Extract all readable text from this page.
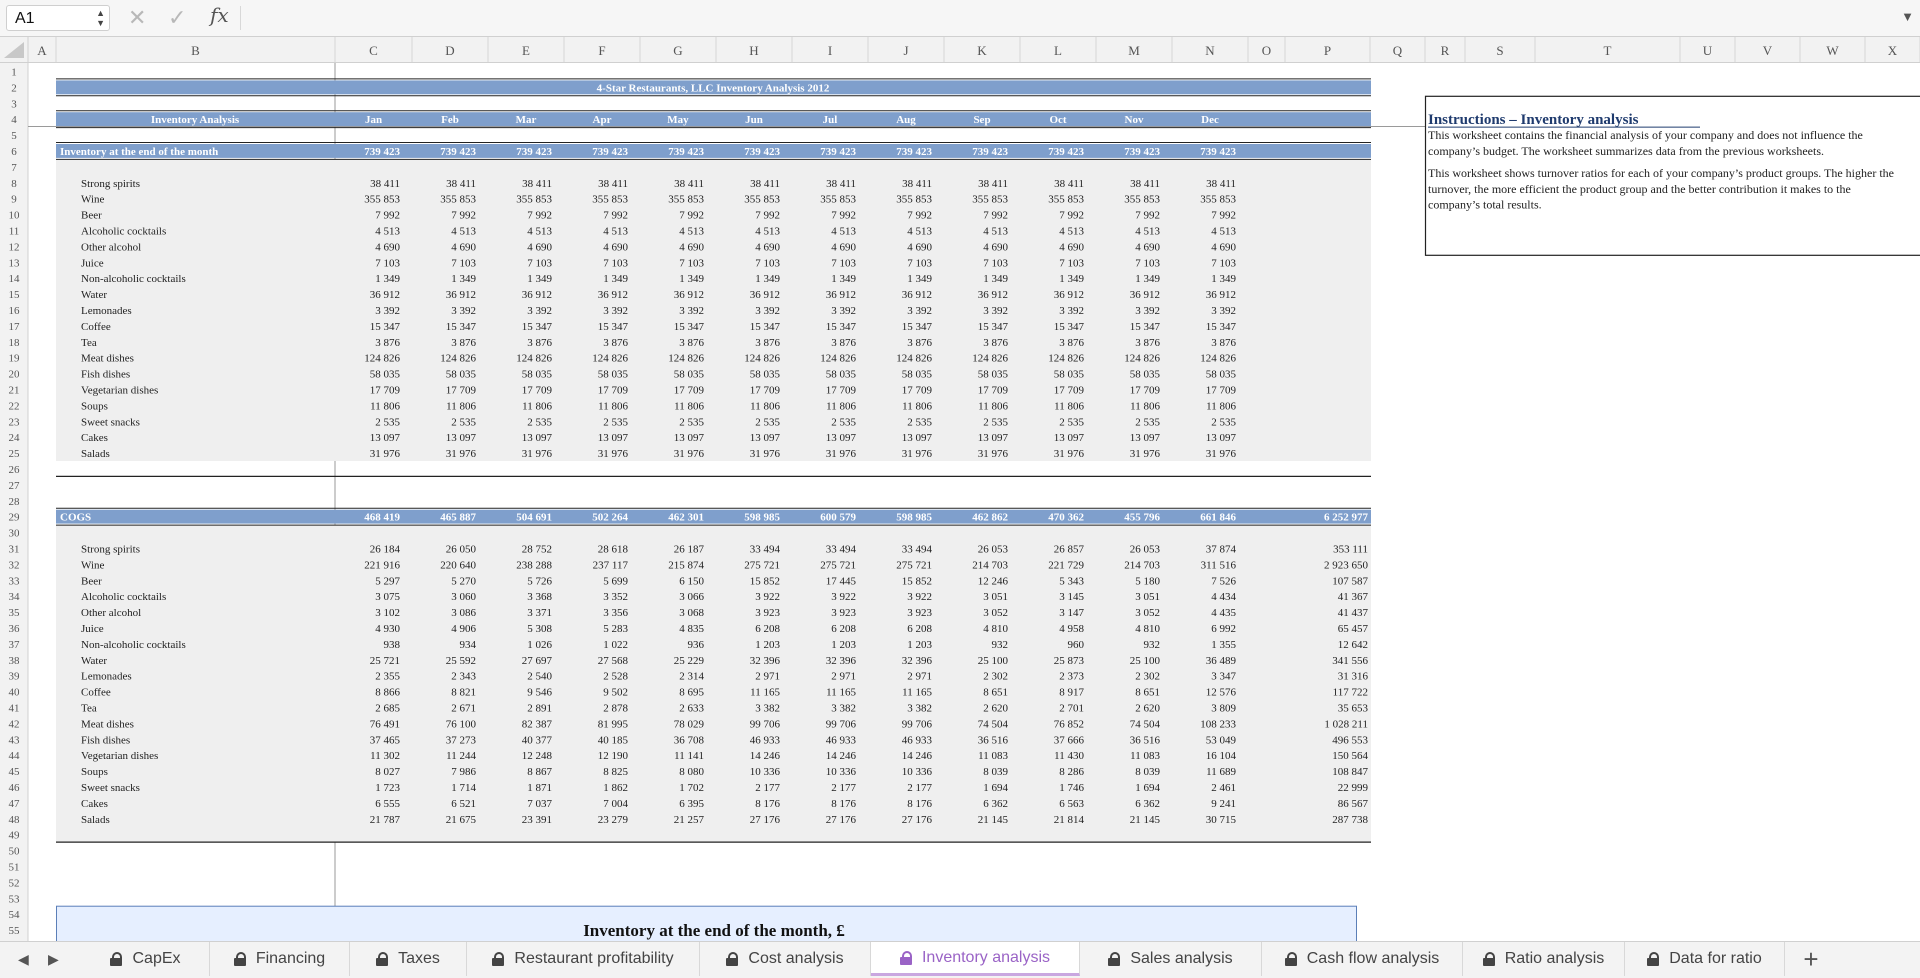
A1	▲
▼ ✕ ✓ fx	▼
A	B	C	D	E	F	G	H	I	J	K	L	M	N	O	P	Q	R	S	T	U	V	W	X
1
2
3
4
5
6
7
8
9
10
11
12
13
14
15
16
17
18
19
20
21
22
23
24
25
26
27
28
29
30
31
32
33
34
35
36
37
38
39
40
41
42
43
44
45
46
47
48
49
50
51
52
53
54
55
4-Star Restaurants, LLC Inventory Analysis 2012
Inventory Analysis	Jan	Feb	Mar	Apr	May	Jun	Jul	Aug	Sep	Oct	Nov	Dec
Inventory at the end of the month	739 423	739 423	739 423	739 423	739 423	739 423	739 423	739 423	739 423	739 423	739 423	739 423
Strong spirits	38 411	38 411	38 411	38 411	38 411	38 411	38 411	38 411	38 411	38 411	38 411	38 411
Wine	355 853	355 853	355 853	355 853	355 853	355 853	355 853	355 853	355 853	355 853	355 853	355 853
Beer	7 992	7 992	7 992	7 992	7 992	7 992	7 992	7 992	7 992	7 992	7 992	7 992
Alcoholic cocktails	4 513	4 513	4 513	4 513	4 513	4 513	4 513	4 513	4 513	4 513	4 513	4 513
Other alcohol	4 690	4 690	4 690	4 690	4 690	4 690	4 690	4 690	4 690	4 690	4 690	4 690
Juice	7 103	7 103	7 103	7 103	7 103	7 103	7 103	7 103	7 103	7 103	7 103	7 103
Non-alcoholic cocktails	1 349	1 349	1 349	1 349	1 349	1 349	1 349	1 349	1 349	1 349	1 349	1 349
Water	36 912	36 912	36 912	36 912	36 912	36 912	36 912	36 912	36 912	36 912	36 912	36 912
Lemonades	3 392	3 392	3 392	3 392	3 392	3 392	3 392	3 392	3 392	3 392	3 392	3 392
Coffee	15 347	15 347	15 347	15 347	15 347	15 347	15 347	15 347	15 347	15 347	15 347	15 347
Tea	3 876	3 876	3 876	3 876	3 876	3 876	3 876	3 876	3 876	3 876	3 876	3 876
Meat dishes	124 826	124 826	124 826	124 826	124 826	124 826	124 826	124 826	124 826	124 826	124 826	124 826
Fish dishes	58 035	58 035	58 035	58 035	58 035	58 035	58 035	58 035	58 035	58 035	58 035	58 035
Vegetarian dishes	17 709	17 709	17 709	17 709	17 709	17 709	17 709	17 709	17 709	17 709	17 709	17 709
Soups	11 806	11 806	11 806	11 806	11 806	11 806	11 806	11 806	11 806	11 806	11 806	11 806
Sweet snacks	2 535	2 535	2 535	2 535	2 535	2 535	2 535	2 535	2 535	2 535	2 535	2 535
Cakes	13 097	13 097	13 097	13 097	13 097	13 097	13 097	13 097	13 097	13 097	13 097	13 097
Salads	31 976	31 976	31 976	31 976	31 976	31 976	31 976	31 976	31 976	31 976	31 976	31 976
COGS	468 419	465 887	504 691	502 264	462 301	598 985	600 579	598 985	462 862	470 362	455 796	661 846	6 252 977
Strong spirits	26 184	26 050	28 752	28 618	26 187	33 494	33 494	33 494	26 053	26 857	26 053	37 874	353 111
Wine	221 916	220 640	238 288	237 117	215 874	275 721	275 721	275 721	214 703	221 729	214 703	311 516	2 923 650
Beer	5 297	5 270	5 726	5 699	6 150	15 852	17 445	15 852	12 246	5 343	5 180	7 526	107 587
Alcoholic cocktails	3 075	3 060	3 368	3 352	3 066	3 922	3 922	3 922	3 051	3 145	3 051	4 434	41 367
Other alcohol	3 102	3 086	3 371	3 356	3 068	3 923	3 923	3 923	3 052	3 147	3 052	4 435	41 437
Juice	4 930	4 906	5 308	5 283	4 835	6 208	6 208	6 208	4 810	4 958	4 810	6 992	65 457
Non-alcoholic cocktails	938	934	1 026	1 022	936	1 203	1 203	1 203	932	960	932	1 355	12 642
Water	25 721	25 592	27 697	27 568	25 229	32 396	32 396	32 396	25 100	25 873	25 100	36 489	341 556
Lemonades	2 355	2 343	2 540	2 528	2 314	2 971	2 971	2 971	2 302	2 373	2 302	3 347	31 316
Coffee	8 866	8 821	9 546	9 502	8 695	11 165	11 165	11 165	8 651	8 917	8 651	12 576	117 722
Tea	2 685	2 671	2 891	2 878	2 633	3 382	3 382	3 382	2 620	2 701	2 620	3 809	35 653
Meat dishes	76 491	76 100	82 387	81 995	78 029	99 706	99 706	99 706	74 504	76 852	74 504	108 233	1 028 211
Fish dishes	37 465	37 273	40 377	40 185	36 708	46 933	46 933	46 933	36 516	37 666	36 516	53 049	496 553
Vegetarian dishes	11 302	11 244	12 248	12 190	11 141	14 246	14 246	14 246	11 083	11 430	11 083	16 104	150 564
Soups	8 027	7 986	8 867	8 825	8 080	10 336	10 336	10 336	8 039	8 286	8 039	11 689	108 847
Sweet snacks	1 723	1 714	1 871	1 862	1 702	2 177	2 177	2 177	1 694	1 746	1 694	2 461	22 999
Cakes	6 555	6 521	7 037	7 004	6 395	8 176	8 176	8 176	6 362	6 563	6 362	9 241	86 567
Salads	21 787	21 675	23 391	23 279	21 257	27 176	27 176	27 176	21 145	21 814	21 145	30 715	287 738
Instructions – Inventory analysis
This worksheet contains the financial analysis of your company and does not influence the
company’s budget. The worksheet summarizes data from the previous worksheets.
This worksheet shows turnover ratios for each of your company’s product groups. The higher the
turnover, the more efficient the product group and the better contribution it makes to the
company’s total results.
Inventory at the end of the month, £
◀ ▶	CapEx	Financing	Taxes	Restaurant profitability	Cost analysis	Inventory analysis	Sales analysis	Cash flow analysis	Ratio analysis	Data for ratio +
